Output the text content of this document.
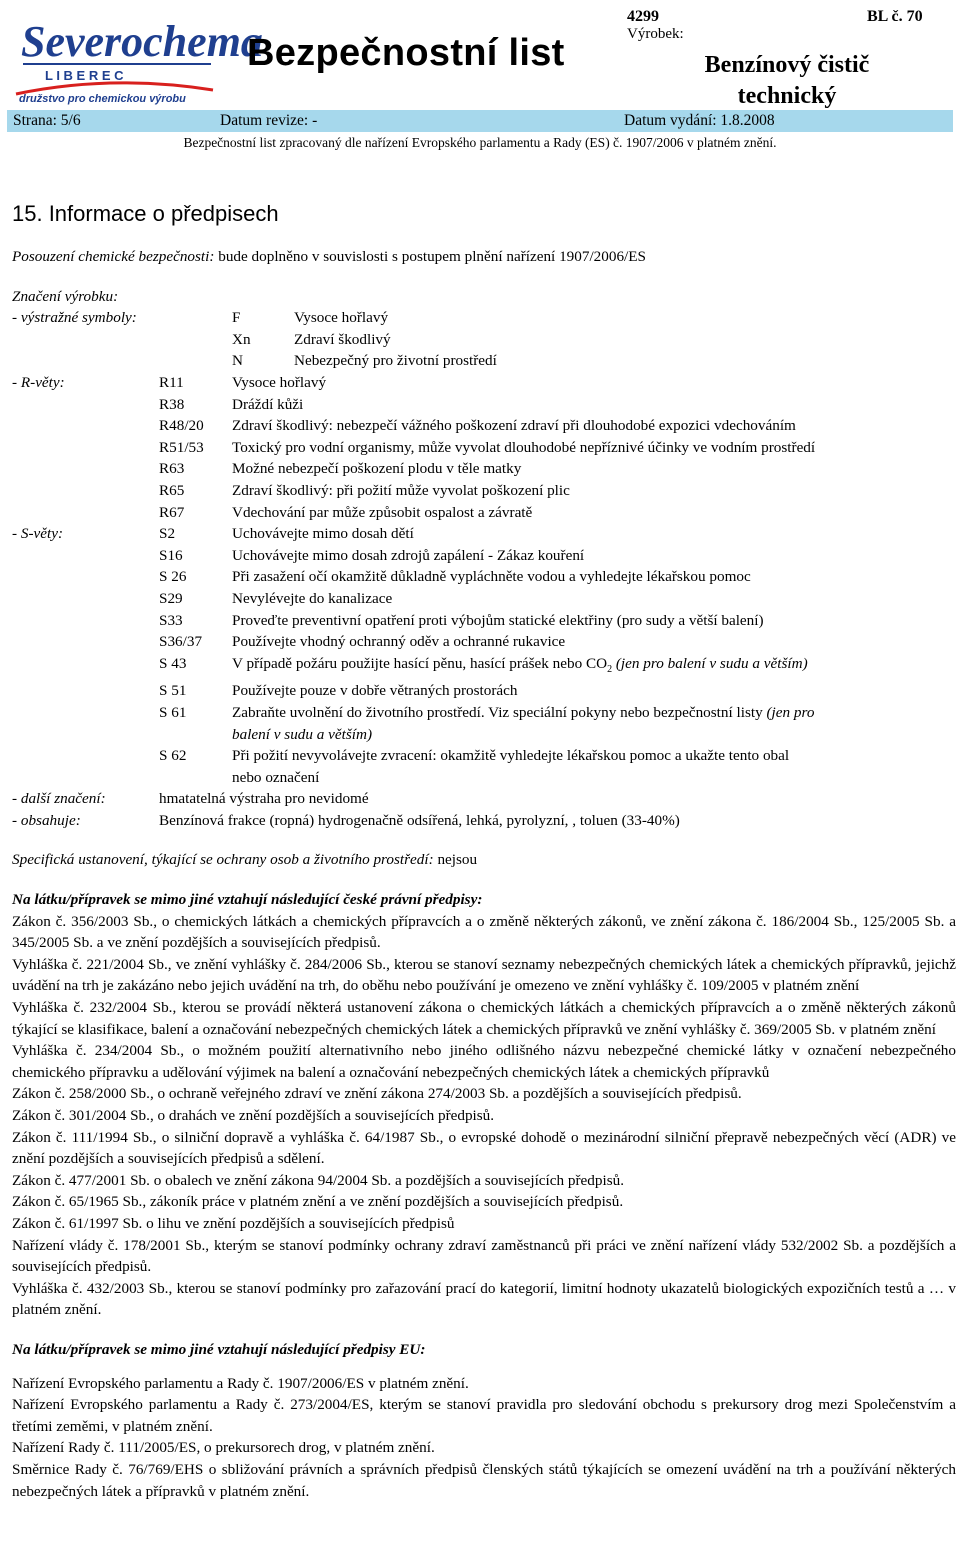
Severochema
L I B E R E C
družstvo pro chemickou výrobu
Bezpečnostní list
4299	BL č. 70
Výrobek:
Benzínový čistič
technický
Strana: 5/6	Datum revize: -	Datum vydání: 1.8.2008
Bezpečnostní list zpracovaný dle nařízení Evropského parlamentu a Rady (ES) č. 1907/2006 v platném znění.
15. Informace o předpisech
Posouzení chemické bezpečnosti: bude doplněno v souvislosti s postupem plnění nařízení 1907/2006/ES
Značení výrobku:
- výstražné symboly:	F	Vysoce hořlavý
Xn	Zdraví škodlivý
N	Nebezpečný pro životní prostředí
- R-věty:	R11	Vysoce hořlavý
R38	Dráždí kůži
R48/20	Zdraví škodlivý: nebezpečí vážného poškození zdraví při dlouhodobé expozici vdechováním
R51/53	Toxický pro vodní organismy, může vyvolat dlouhodobé nepříznivé účinky ve vodním prostředí
R63	Možné nebezpečí poškození plodu v těle matky
R65	Zdraví škodlivý: při požití může vyvolat poškození plic
R67	Vdechování par může způsobit ospalost a závratě
- S-věty:	S2	Uchovávejte mimo dosah dětí
S16	Uchovávejte mimo dosah zdrojů zapálení - Zákaz kouření
S 26	Při zasažení očí okamžitě důkladně vypláchněte vodou a vyhledejte lékařskou pomoc
S29	Nevylévejte do kanalizace
S33	Proveďte preventivní opatření proti výbojům statické elektřiny (pro sudy a větší balení)
S36/37	Používejte vhodný ochranný oděv a ochranné rukavice
S 43	V případě požáru použijte hasící pěnu, hasící prášek nebo $CO_2$ (jen pro balení v sudu a větším)
S 51	Používejte pouze v dobře větraných prostorách
S 61	Zabraňte uvolnění do životního prostředí. Viz speciální pokyny nebo bezpečnostní listy (jen pro
balení v sudu a větším)
S 62	Při požití nevyvolávejte zvracení: okamžitě vyhledejte lékařskou pomoc a ukažte tento obal
nebo označení
- další značení:	hmatatelná výstraha pro nevidomé
- obsahuje:	Benzínová frakce (ropná) hydrogenačně odsířená, lehká, pyrolyzní, , toluen (33-40%)
Specifická ustanovení, týkající se ochrany osob a životního prostředí: nejsou
Na látku/přípravek se mimo jiné vztahují následující české právní předpisy:
Zákon č. 356/2003 Sb., o chemických látkách a chemických přípravcích a o změně některých zákonů, ve znění zákona č. 186/2004 Sb., 125/2005 Sb. a 345/2005 Sb. a ve znění pozdějších a souvisejících předpisů.
Vyhláška č. 221/2004 Sb., ve znění vyhlášky č. 284/2006 Sb., kterou se stanoví seznamy nebezpečných chemických látek a chemických přípravků, jejichž uvádění na trh je zakázáno nebo jejich uvádění na trh, do oběhu nebo používání je omezeno ve znění vyhlášky č. 109/2005 v platném znění
Vyhláška č. 232/2004 Sb., kterou se provádí některá ustanovení zákona o chemických látkách a chemických přípravcích a o změně některých zákonů týkající se klasifikace, balení a označování nebezpečných chemických látek a chemických přípravků ve znění vyhlášky č. 369/2005 Sb. v platném znění
Vyhláška č. 234/2004 Sb., o možném použití alternativního nebo jiného odlišného názvu nebezpečné chemické látky v označení nebezpečného chemického přípravku a udělování výjimek na balení a označování nebezpečných chemických látek a chemických přípravků
Zákon č. 258/2000 Sb., o ochraně veřejného zdraví ve znění zákona 274/2003 Sb. a pozdějších a souvisejících předpisů.
Zákon č. 301/2004 Sb., o drahách ve znění pozdějších a souvisejících předpisů.
Zákon č. 111/1994 Sb., o silniční dopravě a vyhláška č. 64/1987 Sb., o evropské dohodě o mezinárodní silniční přepravě nebezpečných věcí (ADR) ve znění pozdějších a souvisejících předpisů a sdělení.
Zákon č. 477/2001 Sb. o obalech ve znění zákona 94/2004 Sb. a pozdějších a souvisejících předpisů.
Zákon č. 65/1965 Sb., zákoník práce v platném znění a ve znění pozdějších a souvisejících předpisů.
Zákon č. 61/1997 Sb. o lihu ve znění pozdějších a souvisejících předpisů
Nařízení vlády č. 178/2001 Sb., kterým se stanoví podmínky ochrany zdraví zaměstnanců při práci ve znění nařízení vlády 532/2002 Sb. a pozdějších a souvisejících předpisů.
Vyhláška č. 432/2003 Sb., kterou se stanoví podmínky pro zařazování prací do kategorií, limitní hodnoty ukazatelů biologických expozičních testů a … v platném znění.
Na látku/přípravek se mimo jiné vztahují následující předpisy EU:
Nařízení Evropského parlamentu a Rady č. 1907/2006/ES v platném znění.
Nařízení Evropského parlamentu a Rady č. 273/2004/ES, kterým se stanoví pravidla pro sledování obchodu s prekursory drog mezi Společenstvím a třetími zeměmi, v platném znění.
Nařízení Rady č. 111/2005/ES, o prekursorech drog, v platném znění.
Směrnice Rady č. 76/769/EHS o sbližování právních a správních předpisů členských států týkajících se omezení uvádění na trh a používání některých nebezpečných látek a přípravků v platném znění.
